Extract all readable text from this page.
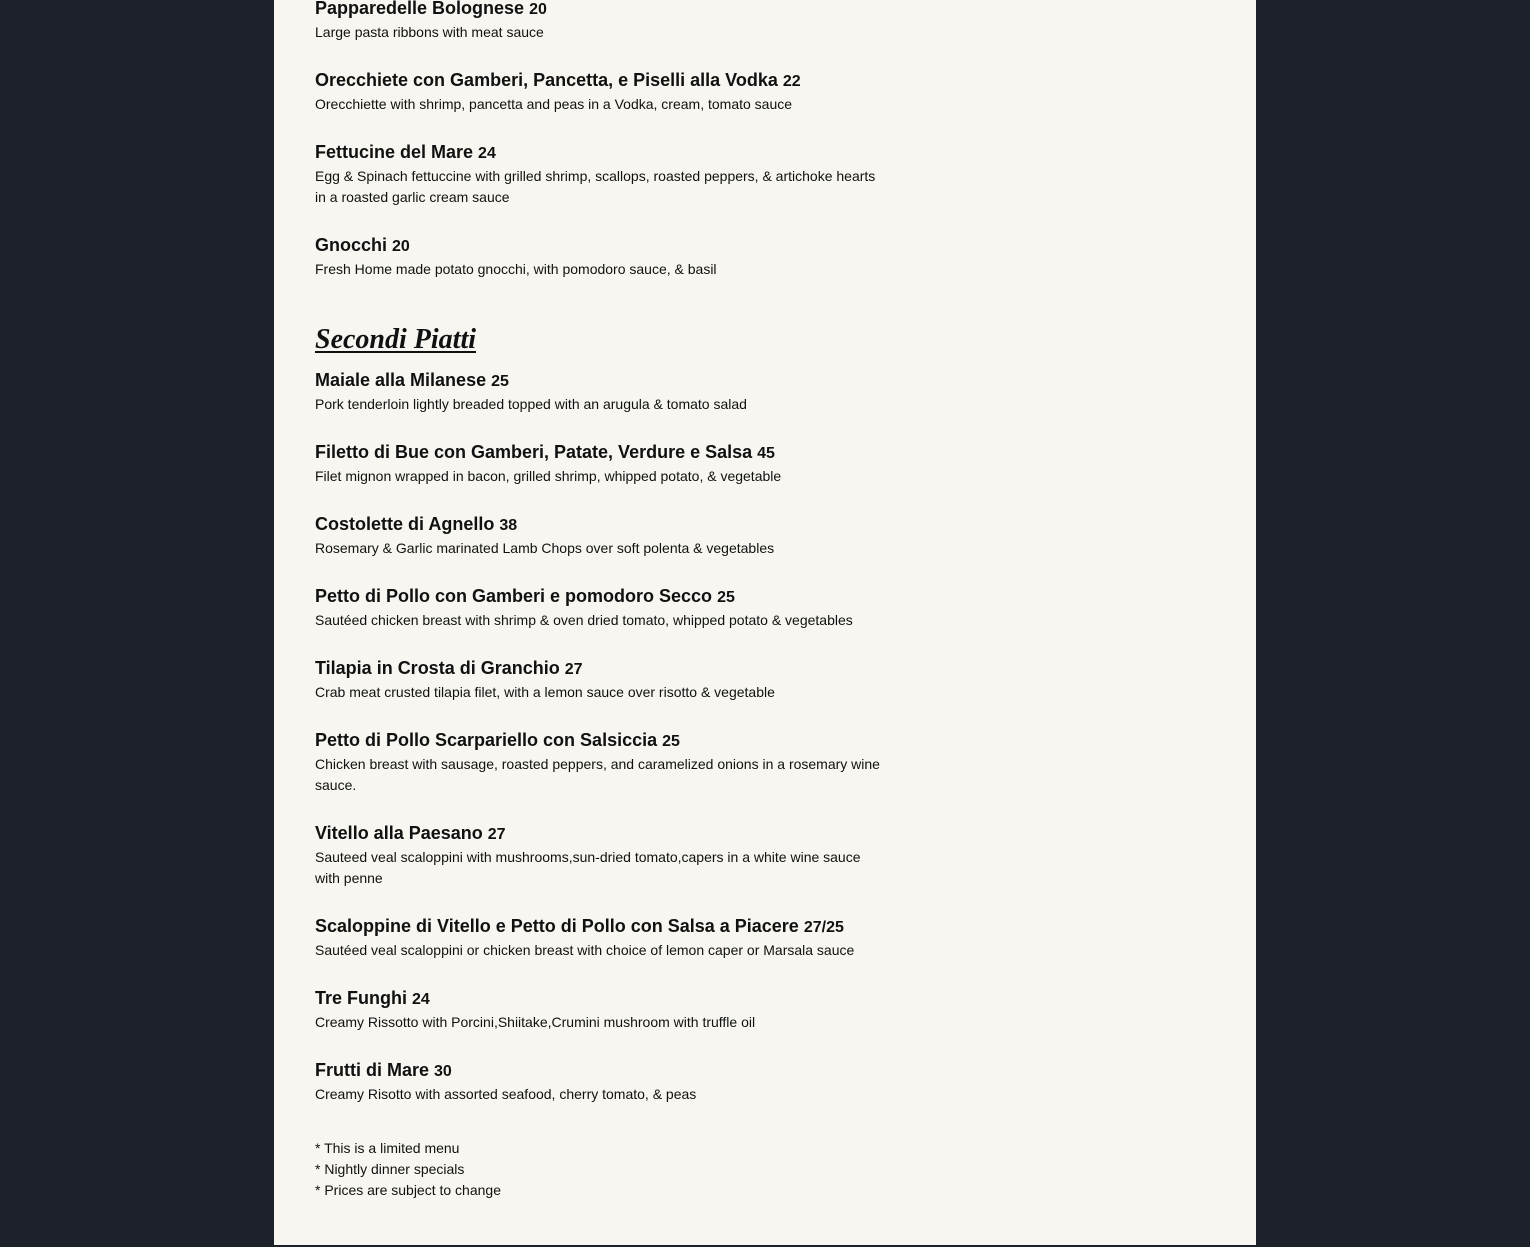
Papparedelle Bolognese 20
Large pasta ribbons with meat sauce
Orecchiete con Gamberi, Pancetta, e Piselli alla Vodka 22
Orecchiette with shrimp, pancetta and peas in a Vodka, cream, tomato sauce
Fettucine del Mare 24
Egg & Spinach fettuccine with grilled shrimp, scallops, roasted peppers, & artichoke hearts in a roasted garlic cream sauce
Gnocchi 20
Fresh Home made potato gnocchi, with pomodoro sauce, & basil
Secondi Piatti
Maiale alla Milanese 25
Pork tenderloin lightly breaded topped with an arugula & tomato salad
Filetto di Bue con Gamberi, Patate, Verdure e Salsa 45
Filet mignon wrapped in bacon, grilled shrimp, whipped potato, & vegetable
Costolette di Agnello 38
Rosemary & Garlic marinated Lamb Chops over soft polenta & vegetables
Petto di Pollo con Gamberi e pomodoro Secco 25
Sautéed chicken breast with shrimp & oven dried tomato, whipped potato & vegetables
Tilapia in Crosta di Granchio 27
Crab meat crusted tilapia filet, with a lemon sauce over risotto & vegetable
Petto di Pollo Scarpariello con Salsiccia 25
Chicken breast with sausage, roasted peppers, and caramelized onions in a rosemary wine sauce.
Vitello alla Paesano 27
Sauteed veal scaloppini with mushrooms,sun-dried tomato,capers in a white wine sauce with penne
Scaloppine di Vitello e Petto di Pollo con Salsa a Piacere 27/25
Sautéed veal scaloppini or chicken breast with choice of lemon caper or Marsala sauce
Tre Funghi 24
Creamy Rissotto with Porcini,Shiitake,Crumini mushroom with truffle oil
Frutti di Mare 30
Creamy Risotto with assorted seafood, cherry tomato, & peas
* This is a limited menu
* Nightly dinner specials
* Prices are subject to change
